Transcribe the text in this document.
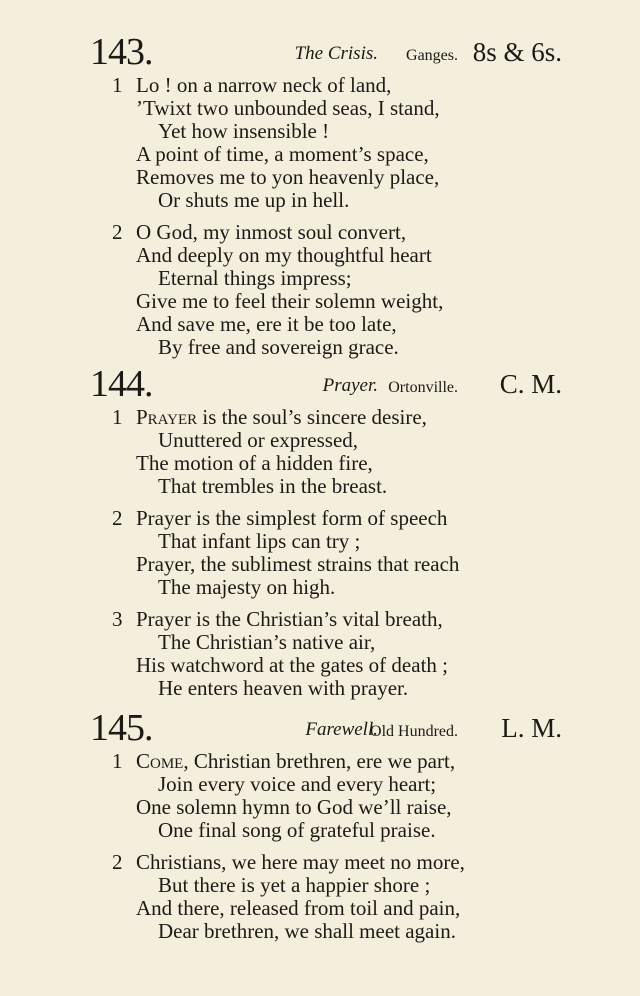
143.	The Crisis. Ganges. 8s & 6s.
1 Lo ! on a narrow neck of land,
’Twixt two unbounded seas, I stand,
Yet how insensible !
A point of time, a moment’s space,
Removes me to yon heavenly place,
Or shuts me up in hell.
2 O God, my inmost soul convert,
And deeply on my thoughtful heart
Eternal things impress;
Give me to feel their solemn weight,
And save me, ere it be too late,
By free and sovereign grace.
144.	Prayer. Ortonville. C. M.
1 Prayer is the soul’s sincere desire,
Unuttered or expressed,
The motion of a hidden fire,
That trembles in the breast.
2 Prayer is the simplest form of speech
That infant lips can try ;
Prayer, the sublimest strains that reach
The majesty on high.
3 Prayer is the Christian’s vital breath,
The Christian’s native air,
His watchword at the gates of death ;
He enters heaven with prayer.
145.	Farewell.
Old Hundred. L. M.
1 Come, Christian brethren, ere we part,
Join every voice and every heart;
One solemn hymn to God we’ll raise,
One final song of grateful praise.
2 Christians, we here may meet no more,
But there is yet a happier shore ;
And there, released from toil and pain,
Dear brethren, we shall meet again.
